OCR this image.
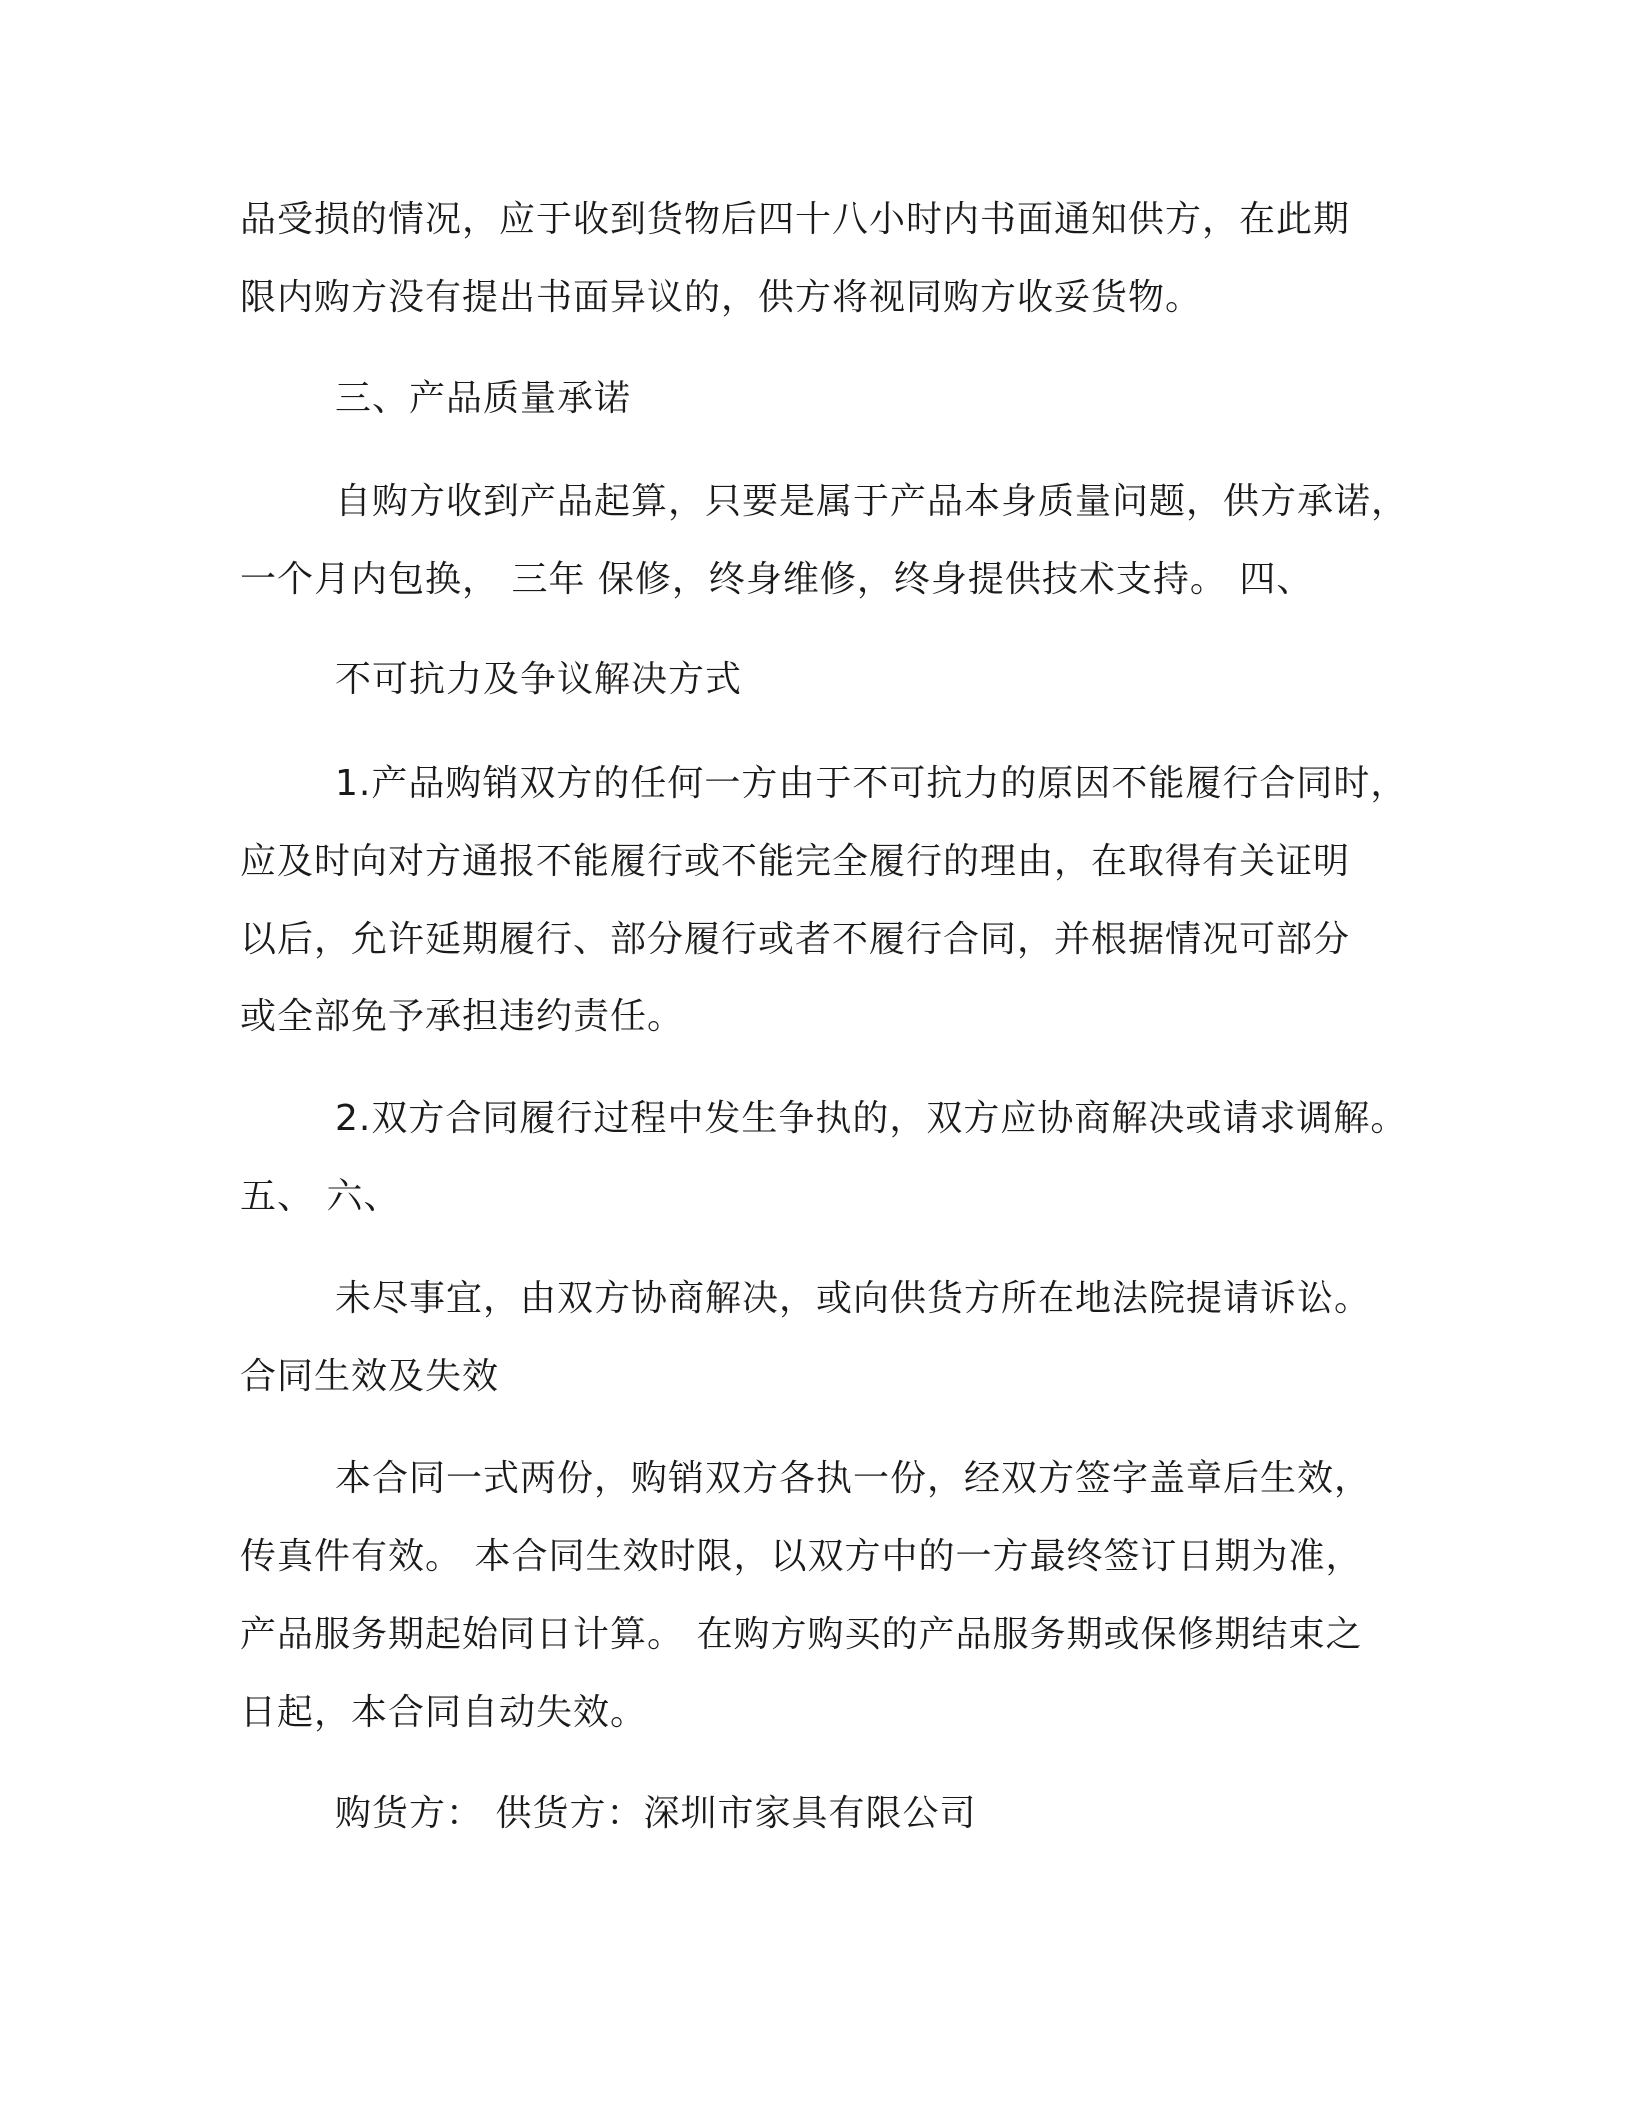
品受损的情况，应于收到货物后四十八小时内书面通知供方，在此期

限内购方没有提出书面异议的，供方将视同购方收妥货物。

三、产品质量承诺

自购方收到产品起算，只要是属于产品本身质量问题，供方承诺，

一个月内包换， 三年 保修，终身维修，终身提供技术支持。 四、

不可抗力及争议解决方式

1.产品购销双方的任何一方由于不可抗力的原因不能履行合同时，

应及时向对方通报不能履行或不能完全履行的理由，在取得有关证明

以后，允许延期履行、部分履行或者不履行合同，并根据情况可部分

或全部免予承担违约责任。

2.双方合同履行过程中发生争执的，双方应协商解决或请求调解。

五、 六、

未尽事宜，由双方协商解决，或向供货方所在地法院提请诉讼。

合同生效及失效

本合同一式两份，购销双方各执一份，经双方签字盖章后生效，

传真件有效。 本合同生效时限，以双方中的一方最终签订日期为准，

产品服务期起始同日计算。 在购方购买的产品服务期或保修期结束之

日起，本合同自动失效。

购货方： 供货方：深圳市家具有限公司
